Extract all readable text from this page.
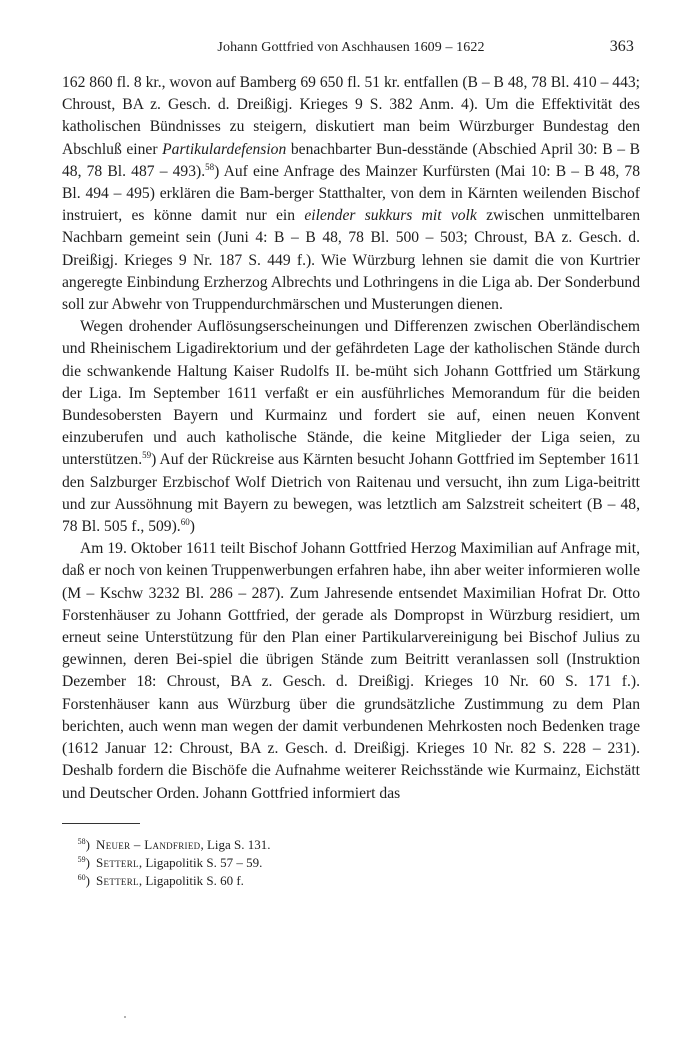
Johann Gottfried von Aschhausen 1609 – 1622	363

162 860 fl. 8 kr., wovon auf Bamberg 69 650 fl. 51 kr. entfallen (B – B 48, 78 Bl. 410 – 443; Chroust, BA z. Gesch. d. Dreißigj. Krieges 9 S. 382 Anm. 4). Um die Effektivität des katholischen Bündnisses zu steigern, diskutiert man beim Würzburger Bundestag den Abschluß einer Partikulardefension benachbarter Bun-desstände (Abschied April 30: B – B 48, 78 Bl. 487 – 493).$^{58}$) Auf eine Anfrage des Mainzer Kurfürsten (Mai 10: B – B 48, 78 Bl. 494 – 495) erklären die Bam-berger Statthalter, von dem in Kärnten weilenden Bischof instruiert, es könne damit nur ein eilender sukkurs mit volk zwischen unmittelbaren Nachbarn gemeint sein (Juni 4: B – B 48, 78 Bl. 500 – 503; Chroust, BA z. Gesch. d. Dreißigj. Krieges 9 Nr. 187 S. 449 f.). Wie Würzburg lehnen sie damit die von Kurtrier angeregte Einbindung Erzherzog Albrechts und Lothringens in die Liga ab. Der Sonderbund soll zur Abwehr von Truppendurchmärschen und Musterungen dienen.

Wegen drohender Auflösungserscheinungen und Differenzen zwischen Oberländischem und Rheinischem Ligadirektorium und der gefährdeten Lage der katholischen Stände durch die schwankende Haltung Kaiser Rudolfs II. be-müht sich Johann Gottfried um Stärkung der Liga. Im September 1611 verfaßt er ein ausführliches Memorandum für die beiden Bundesobersten Bayern und Kurmainz und fordert sie auf, einen neuen Konvent einzuberufen und auch katholische Stände, die keine Mitglieder der Liga seien, zu unterstützen.$^{59}$) Auf der Rückreise aus Kärnten besucht Johann Gottfried im September 1611 den Salzburger Erzbischof Wolf Dietrich von Raitenau und versucht, ihn zum Liga-beitritt und zur Aussöhnung mit Bayern zu bewegen, was letztlich am Salzstreit scheitert (B – 48, 78 Bl. 505 f., 509).$^{60}$)

Am 19. Oktober 1611 teilt Bischof Johann Gottfried Herzog Maximilian auf Anfrage mit, daß er noch von keinen Truppenwerbungen erfahren habe, ihn aber weiter informieren wolle (M – Kschw 3232 Bl. 286 – 287). Zum Jahresende entsendet Maximilian Hofrat Dr. Otto Forstenhäuser zu Johann Gottfried, der gerade als Dompropst in Würzburg residiert, um erneut seine Unterstützung für den Plan einer Partikularvereinigung bei Bischof Julius zu gewinnen, deren Bei-spiel die übrigen Stände zum Beitritt veranlassen soll (Instruktion Dezember 18: Chroust, BA z. Gesch. d. Dreißigj. Krieges 10 Nr. 60 S. 171 f.). Forstenhäuser kann aus Würzburg über die grundsätzliche Zustimmung zu dem Plan berichten, auch wenn man wegen der damit verbundenen Mehrkosten noch Bedenken trage (1612 Januar 12: Chroust, BA z. Gesch. d. Dreißigj. Krieges 10 Nr. 82 S. 228 – 231). Deshalb fordern die Bischöfe die Aufnahme weiterer Reichsstände wie Kurmainz, Eichstätt und Deutscher Orden. Johann Gottfried informiert das

$^{58}$) Neuer – Landfried, Liga S. 131.
$^{59}$) Setterl, Ligapolitik S. 57 – 59.
$^{60}$) Setterl, Ligapolitik S. 60 f.
